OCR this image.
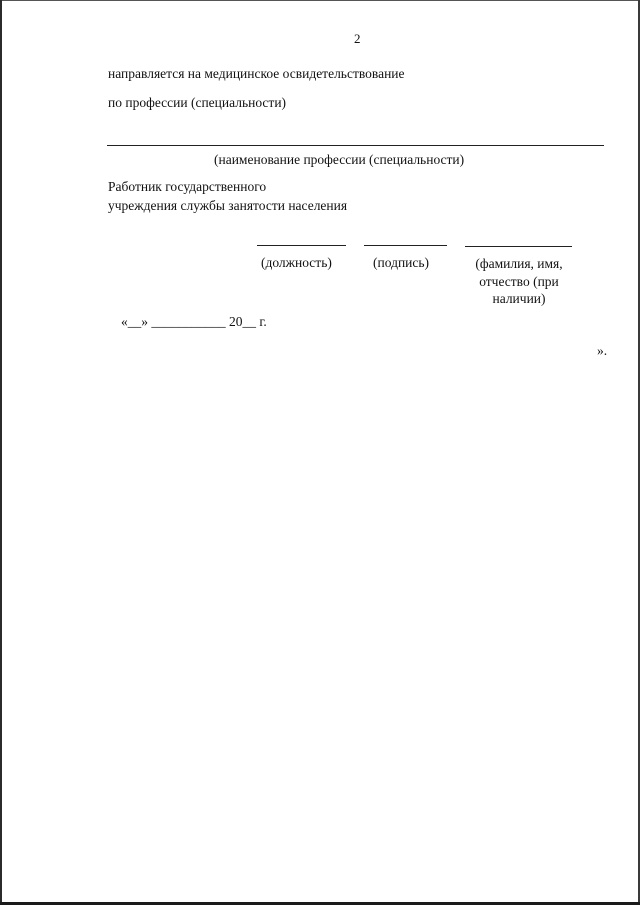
2
направляется на медицинское освидетельствование
по профессии (специальности)
(наименование профессии (специальности)
Работник государственного
учреждения службы занятости населения
(должность)	(подпись)	(фамилия, имя, отчество (при наличии)
«__» ___________ 20__ г.
».
